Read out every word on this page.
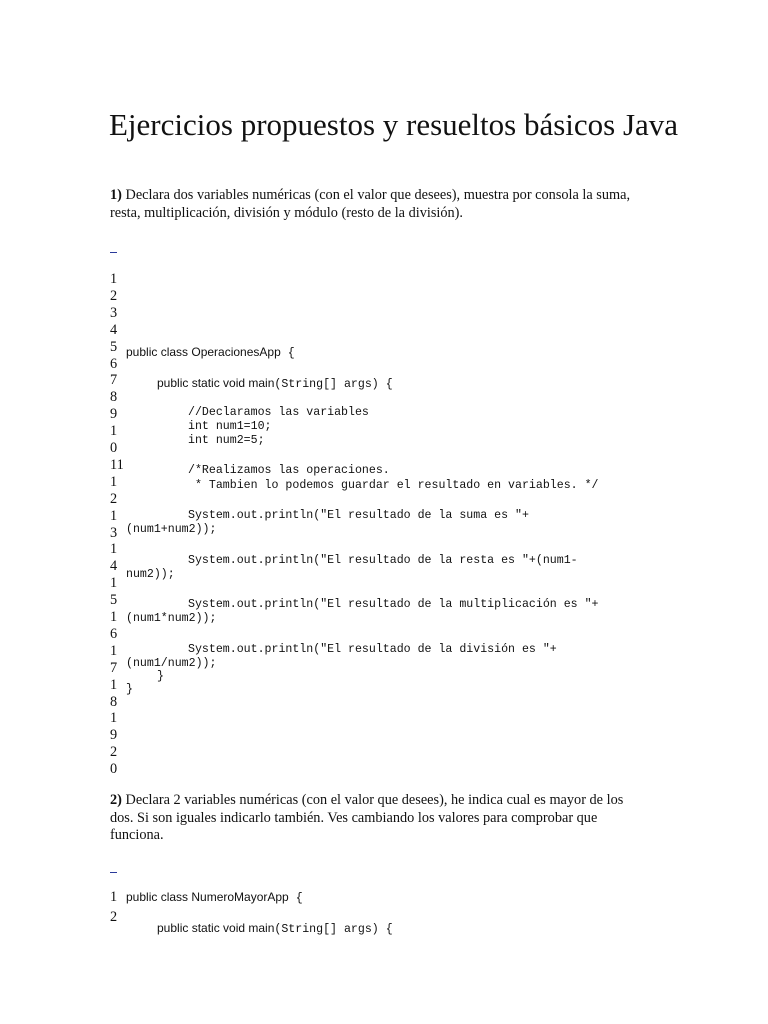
Ejercicios propuestos y resueltos básicos Java

1) Declara dos variables numéricas (con el valor que desees), muestra por consola la suma, resta, multiplicación, división y módulo (resto de la división).

1
2
3
4
5
6
7
8
9
1
0
11
1
2
1
3
1
4
1
5
1
6
1
7
1
8
1
9
2
0
public class OperacionesApp {
public static void main(String[] args) {
//Declaramos las variables
int num1=10;
int num2=5;
/*Realizamos las operaciones.
* Tambien lo podemos guardar el resultado en variables. */
System.out.println("El resultado de la suma es "+
(num1+num2));
System.out.println("El resultado de la resta es "+(num1-
num2));
System.out.println("El resultado de la multiplicación es "+
(num1*num2));
System.out.println("El resultado de la división es "+
(num1/num2));
}
}

2) Declara 2 variables numéricas (con el valor que desees), he indica cual es mayor de los dos. Si son iguales indicarlo también. Ves cambiando los valores para comprobar que funciona.

1
2
public class NumeroMayorApp {
public static void main(String[] args) {
